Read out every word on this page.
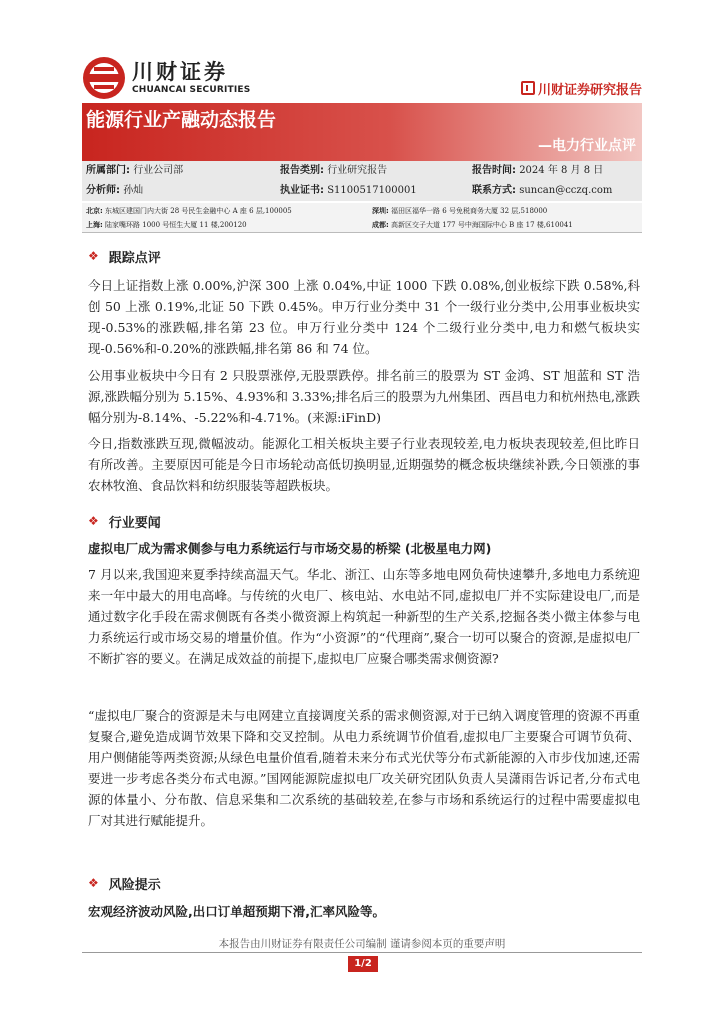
川财证券
CHUANCAI SECURITIES	川财证券研究报告
能源行业产融动态报告
—电力行业点评
所属部门: 行业公司部	报告类别: 行业研究报告	报告时间: 2024 年 8 月 8 日
分析师: 孙灿	执业证书: S1100517100001	联系方式: suncan@cczq.com
北京: 东城区建国门内大街 28 号民生金融中心 A 座 6 层,100005	深圳: 福田区福华一路 6 号免税商务大厦 32 层,518000
上海: 陆家嘴环路 1000 号恒生大厦 11 楼,200120	成都: 高新区交子大道 177 号中海国际中心 B 座 17 楼,610041
❖ 跟踪点评

今日上证指数上涨 0.00%,沪深 300 上涨 0.04%,中证 1000 下跌 0.08%,创业板综下跌 0.58%,科创 50 上涨 0.19%,北证 50 下跌 0.45%。申万行业分类中 31 个一级行业分类中,公用事业板块实现-0.53%的涨跌幅,排名第 23 位。申万行业分类中 124 个二级行业分类中,电力和燃气板块实现-0.56%和-0.20%的涨跌幅,排名第 86 和 74 位。

公用事业板块中今日有 2 只股票涨停,无股票跌停。排名前三的股票为 ST 金鸿、ST 旭蓝和 ST 浩源,涨跌幅分别为 5.15%、4.93%和 3.33%;排名后三的股票为九州集团、西昌电力和杭州热电,涨跌幅分别为-8.14%、-5.22%和-4.71%。(来源:iFinD)

今日,指数涨跌互现,微幅波动。能源化工相关板块主要子行业表现较差,电力板块表现较差,但比昨日有所改善。主要原因可能是今日市场轮动高低切换明显,近期强势的概念板块继续补跌,今日领涨的事农林牧渔、食品饮料和纺织服装等超跌板块。

❖ 行业要闻

虚拟电厂成为需求侧参与电力系统运行与市场交易的桥梁 (北极星电力网)

7 月以来,我国迎来夏季持续高温天气。华北、浙江、山东等多地电网负荷快速攀升,多地电力系统迎来一年中最大的用电高峰。与传统的火电厂、核电站、水电站不同,虚拟电厂并不实际建设电厂,而是通过数字化手段在需求侧既有各类小微资源上构筑起一种新型的生产关系,挖掘各类小微主体参与电力系统运行或市场交易的增量价值。作为“小资源”的“代理商”,聚合一切可以聚合的资源,是虚拟电厂不断扩容的要义。在满足成效益的前提下,虚拟电厂应聚合哪类需求侧资源?

“虚拟电厂聚合的资源是未与电网建立直接调度关系的需求侧资源,对于已纳入调度管理的资源不再重复聚合,避免造成调节效果下降和交叉控制。从电力系统调节价值看,虚拟电厂主要聚合可调节负荷、用户侧储能等两类资源;从绿色电量价值看,随着未来分布式光伏等分布式新能源的入市步伐加速,还需要进一步考虑各类分布式电源。”国网能源院虚拟电厂攻关研究团队负责人吴潇雨告诉记者,分布式电源的体量小、分布散、信息采集和二次系统的基础较差,在参与市场和系统运行的过程中需要虚拟电厂对其进行赋能提升。

❖ 风险提示

宏观经济波动风险,出口订单超预期下滑,汇率风险等。

本报告由川财证券有限责任公司编制 谨请参阅本页的重要声明
1/2
